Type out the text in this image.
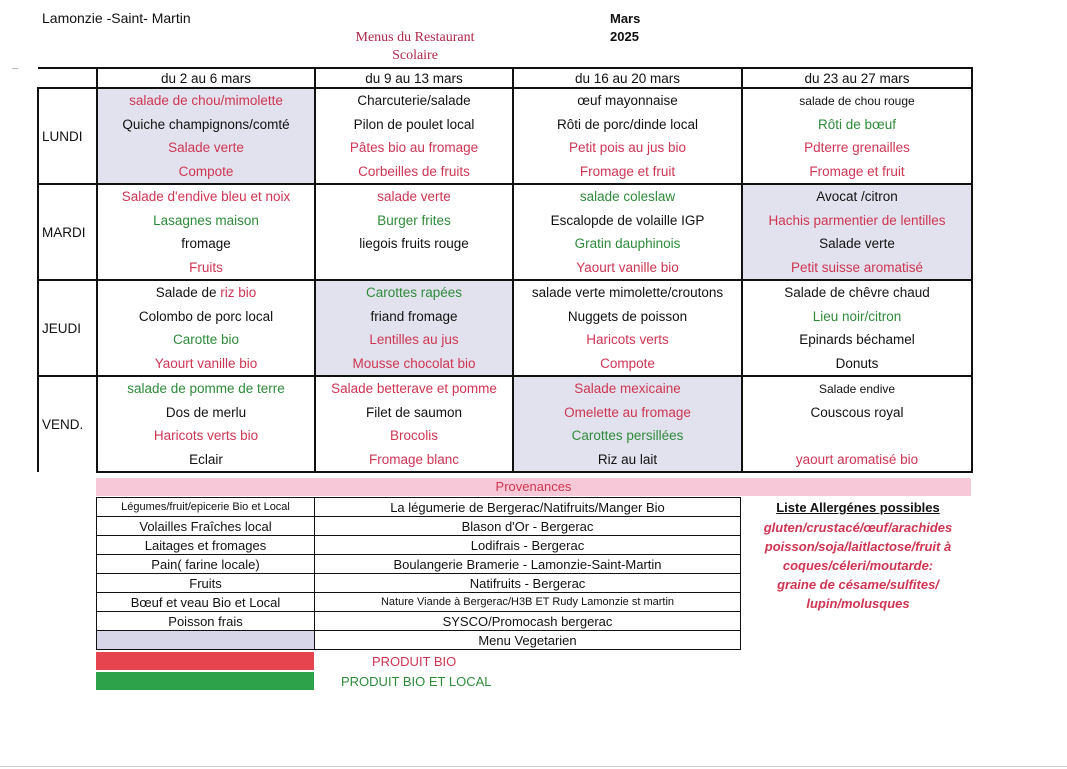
Lamonzie -Saint- Martin
Menus du Restaurant
Scolaire
Mars
2025
	du 2 au 6 mars	du 9 au 13 mars	du 16 au 20 mars	du 23 au 27 mars
LUNDI	salade de chou/mimolette	Charcuterie/salade	œuf mayonnaise	salade de chou rouge
	Quiche champignons/comté	Pilon de poulet local	Rôti de porc/dinde local	Rôti de bœuf
	Salade verte	Pâtes bio au fromage	Petit pois au jus bio	Pdterre grenailles
	Compote	Corbeilles de fruits	Fromage et fruit	Fromage et fruit
MARDI	Salade d'endive bleu et noix	salade verte	salade coleslaw	Avocat /citron
	Lasagnes maison	Burger frites	Escalopde de volaille IGP	Hachis parmentier de lentilles
	fromage	liegois fruits rouge	Gratin dauphinois	Salade verte
	Fruits		Yaourt vanille bio	Petit suisse aromatisé
JEUDI	Salade de riz bio	Carottes rapées	salade verte mimolette/croutons	Salade de chêvre chaud
	Colombo de porc local	friand fromage	Nuggets de poisson	Lieu noir/citron
	Carotte bio	Lentilles au jus	Haricots verts	Epinards béchamel
	Yaourt vanille bio	Mousse chocolat bio	Compote	Donuts
VEND.	salade de pomme de terre	Salade betterave et pomme	Salade mexicaine	Salade endive
	Dos de merlu	Filet de saumon	Omelette au fromage	Couscous royal
	Haricots verts bio	Brocolis	Carottes persillées	
	Eclair	Fromage blanc	Riz au lait	yaourt aromatisé bio
Provenances
Légumes/fruit/epicerie Bio et Local	La légumerie de Bergerac/Natifruits/Manger Bio
Volailles Fraîches local	Blason d'Or - Bergerac
Laitages et fromages	Lodifrais - Bergerac
Pain( farine locale)	Boulangerie Bramerie - Lamonzie-Saint-Martin
Fruits	Natifruits - Bergerac
Bœuf et veau Bio et Local	Nature Viande à Bergerac/H3B ET Rudy Lamonzie st martin
Poisson frais	SYSCO/Promocash bergerac
	Menu Vegetarien
PRODUIT BIO
PRODUIT BIO ET LOCAL
Liste Allergénes possibles
gluten/crustacé/œuf/arachides
poisson/soja/laitlactose/fruit à
coques/céleri/moutarde:
graine de césame/sulfites/
lupin/molusques
